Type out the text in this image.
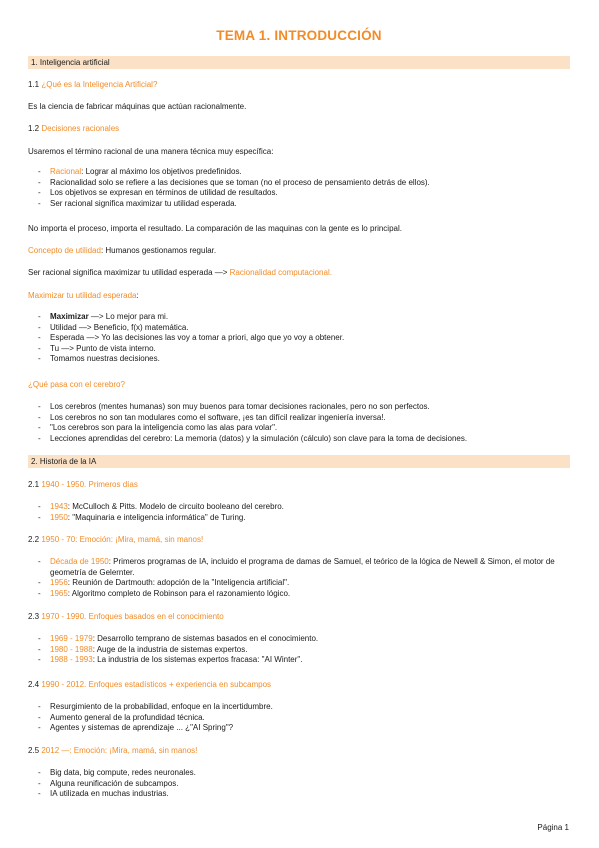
TEMA 1. INTRODUCCIÓN
1. Inteligencia artificial
1.1 ¿Qué es la Inteligencia Artificial?
Es la ciencia de fabricar máquinas que actúan racionalmente.
1.2 Decisiones racionales
Usaremos el término racional de una manera técnica muy específica:
- Racional: Lograr al máximo los objetivos predefinidos.
- Racionalidad solo se refiere a las decisiones que se toman (no el proceso de pensamiento detrás de ellos).
- Los objetivos se expresan en términos de utilidad de resultados.
- Ser racional significa maximizar tu utilidad esperada.
No importa el proceso, importa el resultado. La comparación de las maquinas con la gente es lo principal.
Concepto de utilidad: Humanos gestionamos regular.
Ser racional significa maximizar tu utilidad esperada —> Racionalidad computacional.
Maximizar tu utilidad esperada:
- Maximizar —> Lo mejor para mi.
- Utilidad —> Beneficio, f(x) matemática.
- Esperada —> Yo las decisiones las voy a tomar a priori, algo que yo voy a obtener.
- Tu —> Punto de vista interno.
- Tomamos nuestras decisiones.
¿Qué pasa con el cerebro?
- Los cerebros (mentes humanas) son muy buenos para tomar decisiones racionales, pero no son perfectos.
- Los cerebros no son tan modulares como el software, ¡es tan difícil realizar ingeniería inversa!.
- "Los cerebros son para la inteligencia como las alas para volar".
- Lecciones aprendidas del cerebro: La memoria (datos) y la simulación (cálculo) son clave para la toma de decisiones.
2. Historia de la IA
2.1 1940 - 1950. Primeros días
- 1943: McCulloch & Pitts. Modelo de circuito booleano del cerebro.
- 1950: "Maquinaria e inteligencia informática" de Turing.
2.2 1950 - 70: Emoción: ¡Mira, mamá, sin manos!
- Década de 1950: Primeros programas de IA, incluido el programa de damas de Samuel, el teórico de la lógica de Newell & Simon, el motor de geometría de Gelernter.
- 1956: Reunión de Dartmouth: adopción de la "Inteligencia artificial".
- 1965: Algoritmo completo de Robinson para el razonamiento lógico.
2.3 1970 - 1990. Enfoques basados en el conocimiento
- 1969 - 1979: Desarrollo temprano de sistemas basados en el conocimiento.
- 1980 - 1988: Auge de la industria de sistemas expertos.
- 1988 - 1993: La industria de los sistemas expertos fracasa: "AI Winter".
2.4 1990 - 2012. Enfoques estadísticos + experiencia en subcampos
- Resurgimiento de la probabilidad, enfoque en la incertidumbre.
- Aumento general de la profundidad técnica.
- Agentes y sistemas de aprendizaje ... ¿"AI Spring"?
2.5 2012 —: Emoción: ¡Mira, mamá, sin manos!
- Big data, big compute, redes neuronales.
- Alguna reunificación de subcampos.
- IA utilizada en muchas industrias.
Página 1
